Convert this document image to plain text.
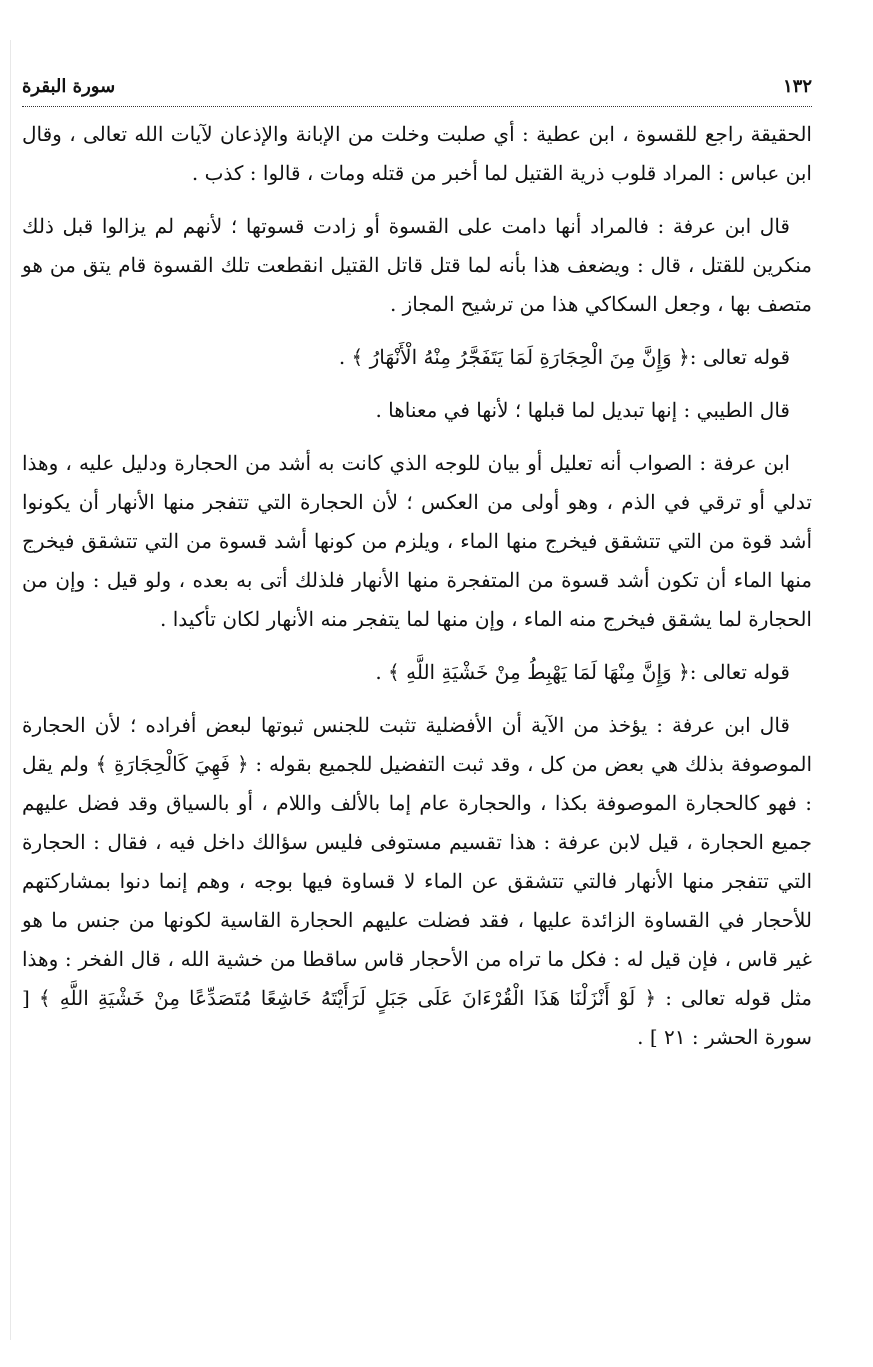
١٣٢
سورة البقرة
الحقيقة راجع للقسوة ، ابن عطية : أي صلبت وخلت من الإبانة والإذعان لآيات الله تعالى ، وقال ابن عباس : المراد قلوب ذرية القتيل لما أخبر من قتله ومات ، قالوا : كذب .
قال ابن عرفة : فالمراد أنها دامت على القسوة أو زادت قسوتها ؛ لأنهم لم يزالوا قبل ذلك منكرين للقتل ، قال : ويضعف هذا بأنه لما قتل قاتل القتيل انقطعت تلك القسوة قام يتق من هو متصف بها ، وجعل السكاكي هذا من ترشيح المجاز .
قوله تعالى :﴿ وَإِنَّ مِنَ الْحِجَارَةِ لَمَا يَتَفَجَّرُ مِنْهُ الْأَنْهَارُ ﴾ .
قال الطيبي : إنها تبديل لما قبلها ؛ لأنها في معناها .
ابن عرفة : الصواب أنه تعليل أو بيان للوجه الذي كانت به أشد من الحجارة ودليل عليه ، وهذا تدلي أو ترقي في الذم ، وهو أولى من العكس ؛ لأن الحجارة التي تتفجر منها الأنهار أن يكونوا أشد قوة من التي تتشقق فيخرج منها الماء ، ويلزم من كونها أشد قسوة من التي تتشقق فيخرج منها الماء أن تكون أشد قسوة من المتفجرة منها الأنهار فلذلك أتى به بعده ، ولو قيل : وإن من الحجارة لما يشقق فيخرج منه الماء ، وإن منها لما يتفجر منه الأنهار لكان تأكيدا .
قوله تعالى :﴿ وَإِنَّ مِنْهَا لَمَا يَهْبِطُ مِنْ خَشْيَةِ اللَّهِ ﴾ .
قال ابن عرفة : يؤخذ من الآية أن الأفضلية تثبت للجنس ثبوتها لبعض أفراده ؛ لأن الحجارة الموصوفة بذلك هي بعض من كل ، وقد ثبت التفضيل للجميع بقوله : ﴿ فَهِيَ كَالْحِجَارَةِ ﴾ ولم يقل : فهو كالحجارة الموصوفة بكذا ، والحجارة عام إما بالألف واللام ، أو بالسياق وقد فضل عليهم جميع الحجارة ، قيل لابن عرفة : هذا تقسيم مستوفى فليس سؤالك داخل فيه ، فقال : الحجارة التي تتفجر منها الأنهار فالتي تتشقق عن الماء لا قساوة فيها بوجه ، وهم إنما دنوا بمشاركتهم للأحجار في القساوة الزائدة عليها ، فقد فضلت عليهم الحجارة القاسية لكونها من جنس ما هو غير قاس ، فإن قيل له : فكل ما تراه من الأحجار قاس ساقطا من خشية الله ، قال الفخر : وهذا مثل قوله تعالى : ﴿ لَوْ أَنْزَلْنَا هَذَا الْقُرْءَانَ عَلَى جَبَلٍ لَرَأَيْتَهُ خَاشِعًا مُتَصَدِّعًا مِنْ خَشْيَةِ اللَّهِ ﴾ [ سورة الحشر : ٢١ ] .
